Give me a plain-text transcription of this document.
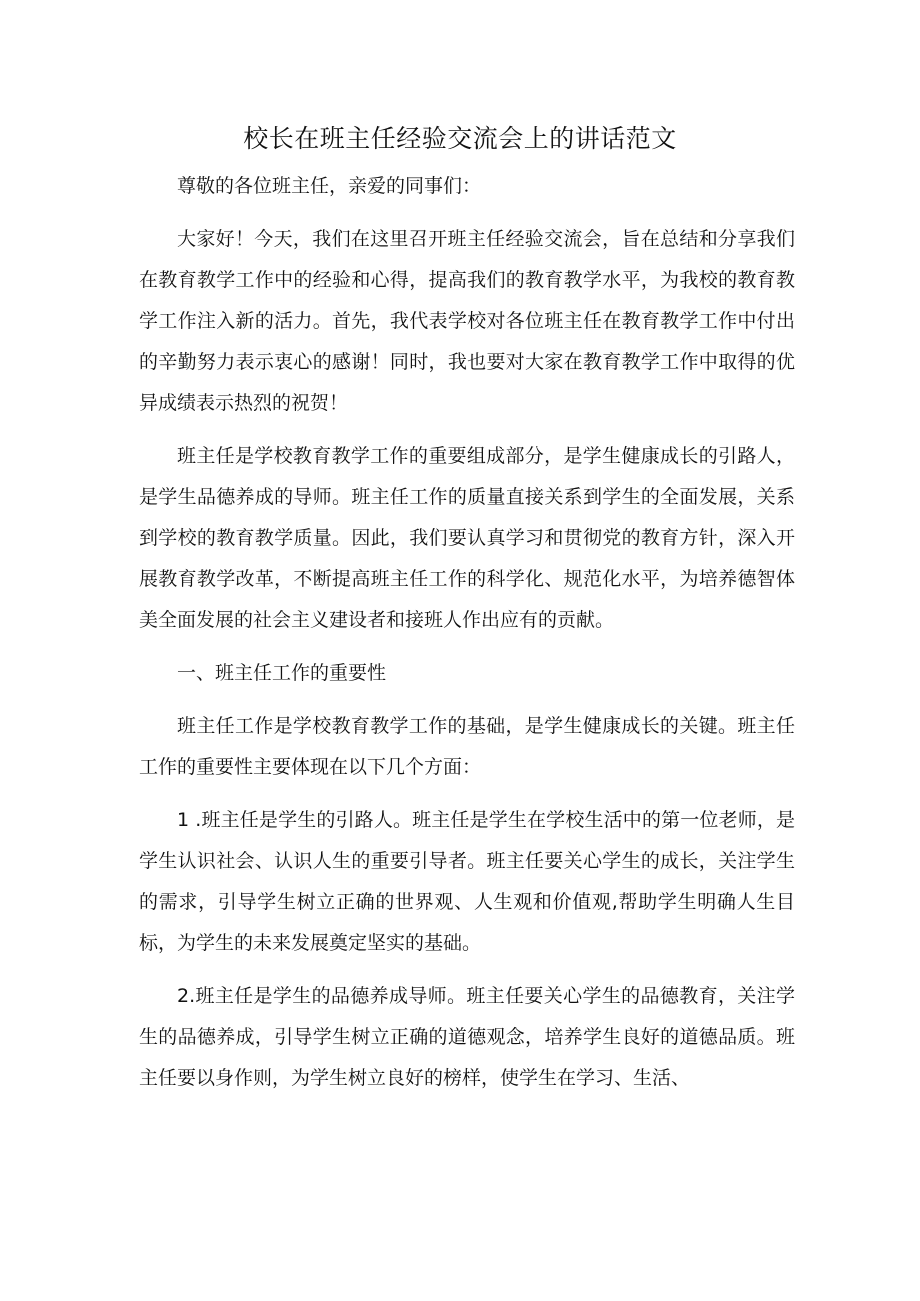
校长在班主任经验交流会上的讲话范文

尊敬的各位班主任，亲爱的同事们：

大家好！今天，我们在这里召开班主任经验交流会，旨在总结和分享我们在教育教学工作中的经验和心得，提高我们的教育教学水平，为我校的教育教学工作注入新的活力。首先，我代表学校对各位班主任在教育教学工作中付出的辛勤努力表示衷心的感谢！同时，我也要对大家在教育教学工作中取得的优异成绩表示热烈的祝贺！

班主任是学校教育教学工作的重要组成部分，是学生健康成长的引路人，是学生品德养成的导师。班主任工作的质量直接关系到学生的全面发展，关系到学校的教育教学质量。因此，我们要认真学习和贯彻党的教育方针，深入开展教育教学改革，不断提高班主任工作的科学化、规范化水平，为培养德智体美全面发展的社会主义建设者和接班人作出应有的贡献。

一、班主任工作的重要性

班主任工作是学校教育教学工作的基础，是学生健康成长的关键。班主任工作的重要性主要体现在以下几个方面：

1 .班主任是学生的引路人。班主任是学生在学校生活中的第一位老师，是学生认识社会、认识人生的重要引导者。班主任要关心学生的成长，关注学生的需求，引导学生树立正确的世界观、人生观和价值观,帮助学生明确人生目标，为学生的未来发展奠定坚实的基础。

2.班主任是学生的品德养成导师。班主任要关心学生的品德教育，关注学生的品德养成，引导学生树立正确的道德观念，培养学生良好的道德品质。班主任要以身作则，为学生树立良好的榜样，使学生在学习、生活、
